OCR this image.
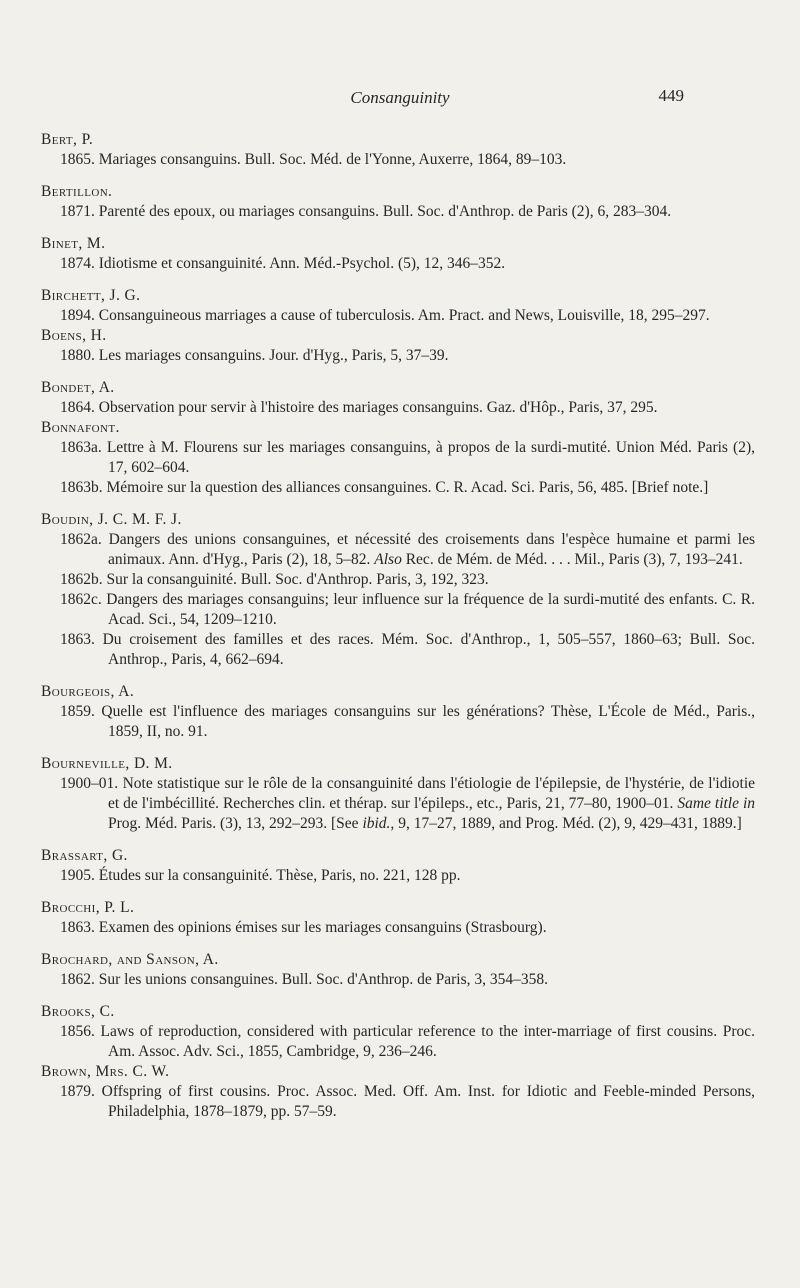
Consanguinity	449
Bert, P.
1865. Mariages consanguins. Bull. Soc. Méd. de l'Yonne, Auxerre, 1864, 89–103.
Bertillon.
1871. Parenté des epoux, ou mariages consanguins. Bull. Soc. d'Anthrop. de Paris (2), 6, 283–304.
Binet, M.
1874. Idiotisme et consanguinité. Ann. Méd.-Psychol. (5), 12, 346–352.
Birchett, J. G.
1894. Consanguineous marriages a cause of tuberculosis. Am. Pract. and News, Louisville, 18, 295–297.
Boens, H.
1880. Les mariages consanguins. Jour. d'Hyg., Paris, 5, 37–39.
Bondet, A.
1864. Observation pour servir à l'histoire des mariages consanguins. Gaz. d'Hôp., Paris, 37, 295.
Bonnafont.
1863a. Lettre à M. Flourens sur les mariages consanguins, à propos de la surdi-mutité. Union Méd. Paris (2), 17, 602–604.
1863b. Mémoire sur la question des alliances consanguines. C. R. Acad. Sci. Paris, 56, 485. [Brief note.]
Boudin, J. C. M. F. J.
1862a. Dangers des unions consanguines, et nécessité des croisements dans l'espèce humaine et parmi les animaux. Ann. d'Hyg., Paris (2), 18, 5–82. Also Rec. de Mém. de Méd. . . . Mil., Paris (3), 7, 193–241.
1862b. Sur la consanguinité. Bull. Soc. d'Anthrop. Paris, 3, 192, 323.
1862c. Dangers des mariages consanguins; leur influence sur la fréquence de la surdi-mutité des enfants. C. R. Acad. Sci., 54, 1209–1210.
1863. Du croisement des familles et des races. Mém. Soc. d'Anthrop., 1, 505–557, 1860–63; Bull. Soc. Anthrop., Paris, 4, 662–694.
Bourgeois, A.
1859. Quelle est l'influence des mariages consanguins sur les générations? Thèse, L'École de Méd., Paris., 1859, II, no. 91.
Bourneville, D. M.
1900–01. Note statistique sur le rôle de la consanguinité dans l'étiologie de l'épilepsie, de l'hystérie, de l'idiotie et de l'imbécillité. Recherches clin. et thérap. sur l'épileps., etc., Paris, 21, 77–80, 1900–01. Same title in Prog. Méd. Paris. (3), 13, 292–293. [See ibid., 9, 17–27, 1889, and Prog. Méd. (2), 9, 429–431, 1889.]
Brassart, G.
1905. Études sur la consanguinité. Thèse, Paris, no. 221, 128 pp.
Brocchi, P. L.
1863. Examen des opinions émises sur les mariages consanguins (Strasbourg).
Brochard, and Sanson, A.
1862. Sur les unions consanguines. Bull. Soc. d'Anthrop. de Paris, 3, 354–358.
Brooks, C.
1856. Laws of reproduction, considered with particular reference to the inter-marriage of first cousins. Proc. Am. Assoc. Adv. Sci., 1855, Cambridge, 9, 236–246.
Brown, Mrs. C. W.
1879. Offspring of first cousins. Proc. Assoc. Med. Off. Am. Inst. for Idiotic and Feeble-minded Persons, Philadelphia, 1878–1879, pp. 57–59.
